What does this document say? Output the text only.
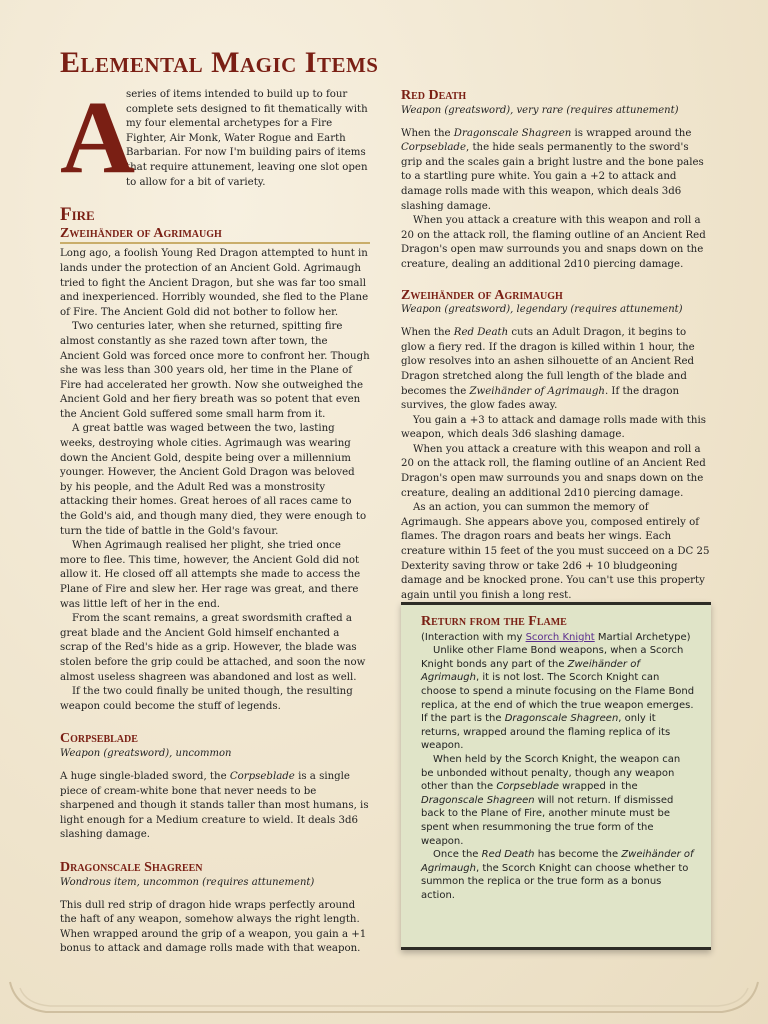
Elemental Magic Items
A

series of items intended to build up to four complete sets designed to fit thematically with my four elemental archetypes for a Fire Fighter, Air Monk, Water Rogue and Earth Barbarian. For now I'm building pairs of items that require attunement, leaving one slot open to allow for a bit of variety.

Fire
Zweihänder of Agrimaugh

Long ago, a foolish Young Red Dragon attempted to hunt in lands under the protection of an Ancient Gold. Agrimaugh tried to fight the Ancient Dragon, but she was far too small and inexperienced. Horribly wounded, she fled to the Plane of Fire. The Ancient Gold did not bother to follow her.

Two centuries later, when she returned, spitting fire almost constantly as she razed town after town, the Ancient Gold was forced once more to confront her. Though she was less than 300 years old, her time in the Plane of Fire had accelerated her growth. Now she outweighed the Ancient Gold and her fiery breath was so potent that even the Ancient Gold suffered some small harm from it.

A great battle was waged between the two, lasting weeks, destroying whole cities. Agrimaugh was wearing down the Ancient Gold, despite being over a millennium younger. However, the Ancient Gold Dragon was beloved by his people, and the Adult Red was a monstrosity attacking their homes. Great heroes of all races came to the Gold's aid, and though many died, they were enough to turn the tide of battle in the Gold's favour.

When Agrimaugh realised her plight, she tried once more to flee. This time, however, the Ancient Gold did not allow it. He closed off all attempts she made to access the Plane of Fire and slew her. Her rage was great, and there was little left of her in the end.

From the scant remains, a great swordsmith crafted a great blade and the Ancient Gold himself enchanted a scrap of the Red's hide as a grip. However, the blade was stolen before the grip could be attached, and soon the now almost useless shagreen was abandoned and lost as well.

If the two could finally be united though, the resulting weapon could become the stuff of legends.

Corpseblade
Weapon (greatsword), uncommon

A huge single-bladed sword, the Corpseblade is a single piece of cream-white bone that never needs to be sharpened and though it stands taller than most humans, is light enough for a Medium creature to wield. It deals 3d6 slashing damage.

Dragonscale Shagreen
Wondrous item, uncommon (requires attunement)

This dull red strip of dragon hide wraps perfectly around the haft of any weapon, somehow always the right length. When wrapped around the grip of a weapon, you gain a +1 bonus to attack and damage rolls made with that weapon.

Red Death
Weapon (greatsword), very rare (requires attunement)

When the Dragonscale Shagreen is wrapped around the Corpseblade, the hide seals permanently to the sword's grip and the scales gain a bright lustre and the bone pales to a startling pure white. You gain a +2 to attack and damage rolls made with this weapon, which deals 3d6 slashing damage.

When you attack a creature with this weapon and roll a 20 on the attack roll, the flaming outline of an Ancient Red Dragon's open maw surrounds you and snaps down on the creature, dealing an additional 2d10 piercing damage.

Zweihänder of Agrimaugh
Weapon (greatsword), legendary (requires attunement)

When the Red Death cuts an Adult Dragon, it begins to glow a fiery red. If the dragon is killed within 1 hour, the glow resolves into an ashen silhouette of an Ancient Red Dragon stretched along the full length of the blade and becomes the Zweihänder of Agrimaugh. If the dragon survives, the glow fades away.

You gain a +3 to attack and damage rolls made with this weapon, which deals 3d6 slashing damage.

When you attack a creature with this weapon and roll a 20 on the attack roll, the flaming outline of an Ancient Red Dragon's open maw surrounds you and snaps down on the creature, dealing an additional 2d10 piercing damage.

As an action, you can summon the memory of Agrimaugh. She appears above you, composed entirely of flames. The dragon roars and beats her wings. Each creature within 15 feet of the you must succeed on a DC 25 Dexterity saving throw or take 2d6 + 10 bludgeoning damage and be knocked prone. You can't use this property again until you finish a long rest.

Return from the Flame

(Interaction with my Scorch Knight Martial Archetype)

Unlike other Flame Bond weapons, when a Scorch Knight bonds any part of the Zweihänder of Agrimaugh, it is not lost. The Scorch Knight can choose to spend a minute focusing on the Flame Bond replica, at the end of which the true weapon emerges. If the part is the Dragonscale Shagreen, only it returns, wrapped around the flaming replica of its weapon.

When held by the Scorch Knight, the weapon can be unbonded without penalty, though any weapon other than the Corpseblade wrapped in the Dragonscale Shagreen will not return. If dismissed back to the Plane of Fire, another minute must be spent when resummoning the true form of the weapon.

Once the Red Death has become the Zweihänder of Agrimaugh, the Scorch Knight can choose whether to summon the replica or the true form as a bonus action.
